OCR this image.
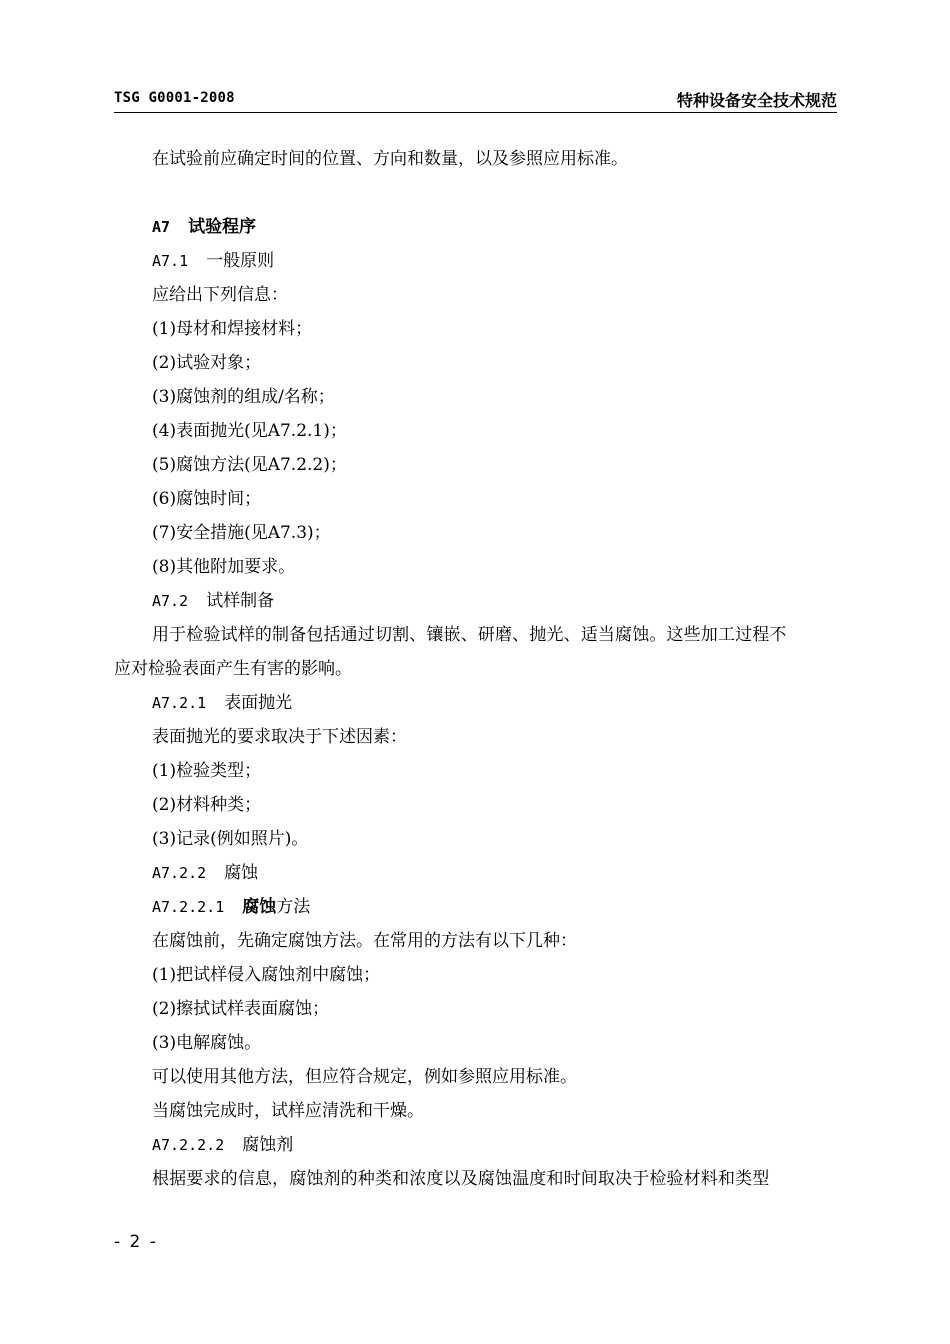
TSG G0001-2008	特种设备安全技术规范
在试验前应确定时间的位置、方向和数量，以及参照应用标准。
A7 试验程序
A7.1 一般原则
应给出下列信息：
(1)母材和焊接材料；
(2)试验对象；
(3)腐蚀剂的组成/名称；
(4)表面抛光(见A7.2.1)；
(5)腐蚀方法(见A7.2.2)；
(6)腐蚀时间；
(7)安全措施(见A7.3)；
(8)其他附加要求。
A7.2 试样制备
用于检验试样的制备包括通过切割、镶嵌、研磨、抛光、适当腐蚀。这些加工过程不
应对检验表面产生有害的影响。
A7.2.1 表面抛光
表面抛光的要求取决于下述因素：
(1)检验类型；
(2)材料种类；
(3)记录(例如照片)。
A7.2.2 腐蚀
A7.2.2.1 腐蚀方法
在腐蚀前，先确定腐蚀方法。在常用的方法有以下几种：
(1)把试样侵入腐蚀剂中腐蚀；
(2)擦拭试样表面腐蚀；
(3)电解腐蚀。
可以使用其他方法，但应符合规定，例如参照应用标准。
当腐蚀完成时，试样应清洗和干燥。
A7.2.2.2 腐蚀剂
根据要求的信息，腐蚀剂的种类和浓度以及腐蚀温度和时间取决于检验材料和类型
- 2 -
